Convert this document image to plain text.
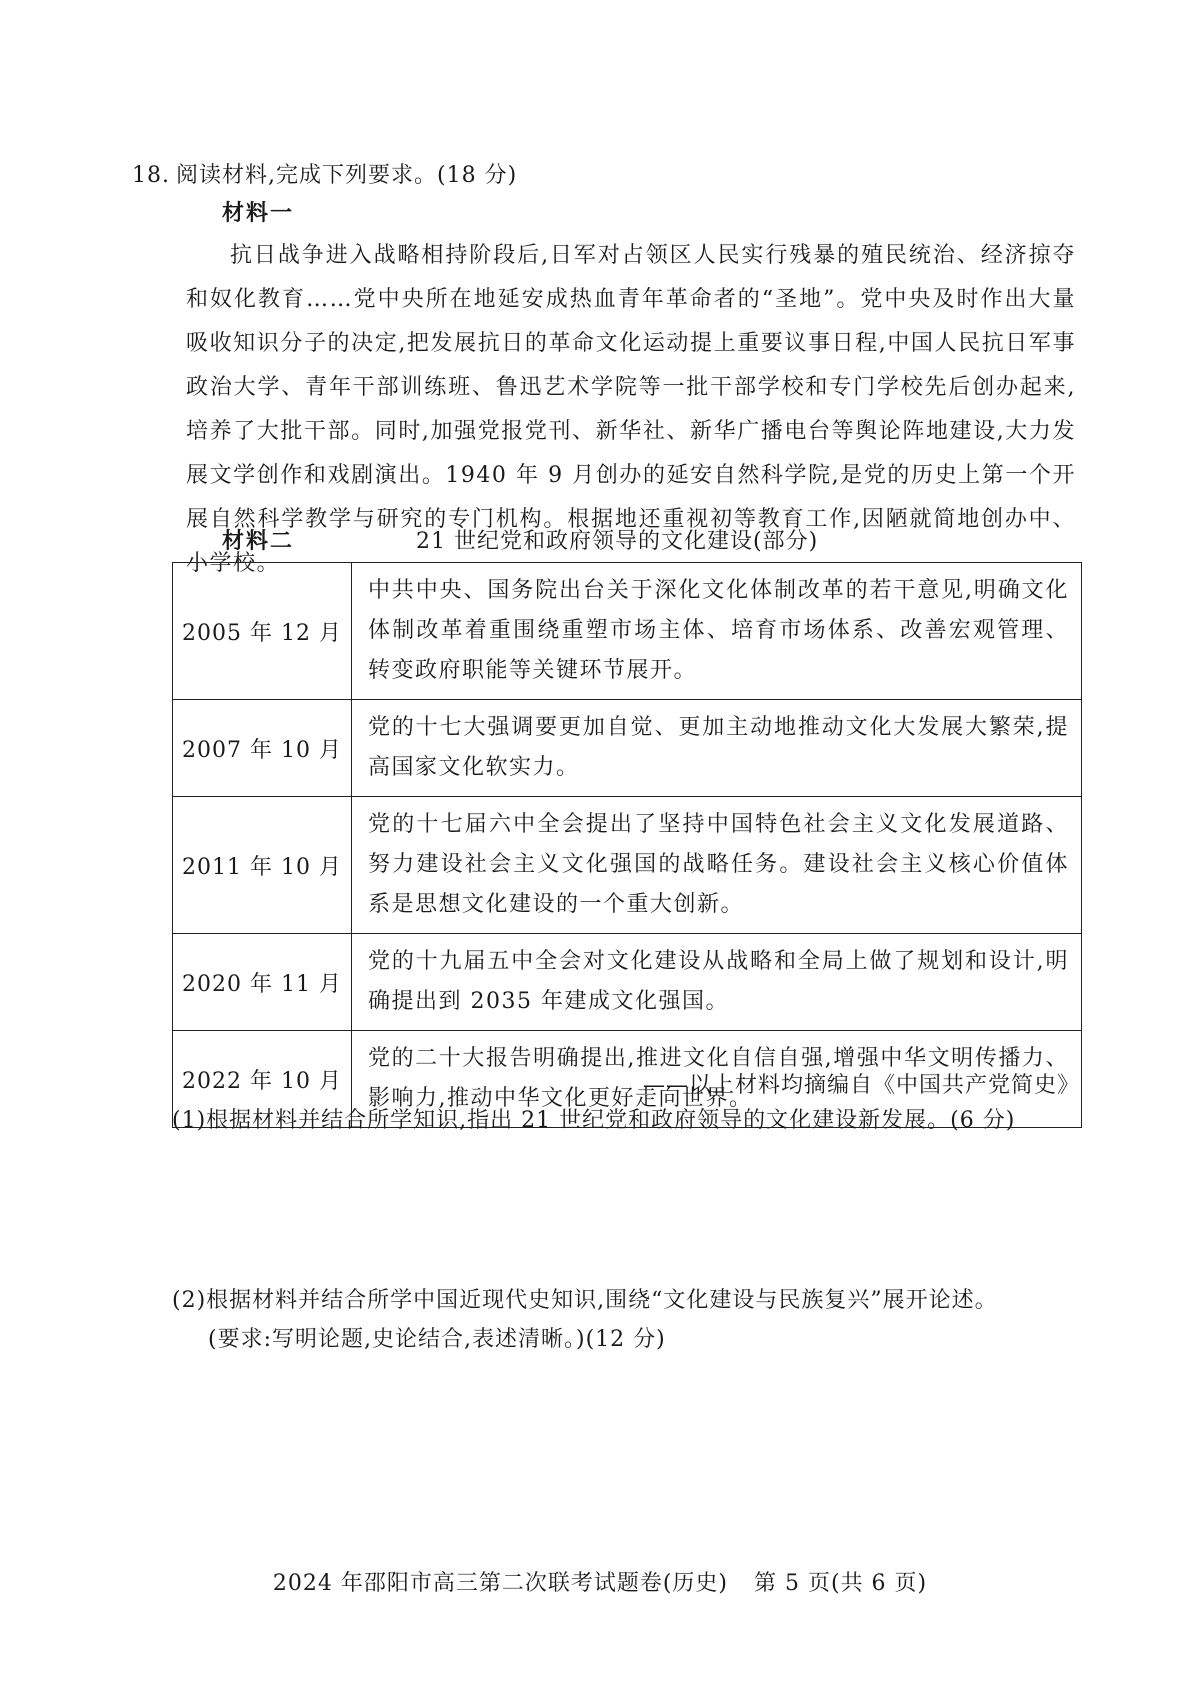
18. 阅读材料,完成下列要求。(18 分)
材料一
抗日战争进入战略相持阶段后,日军对占领区人民实行残暴的殖民统治、经济掠夺和奴化教育……党中央所在地延安成热血青年革命者的“圣地”。党中央及时作出大量吸收知识分子的决定,把发展抗日的革命文化运动提上重要议事日程,中国人民抗日军事政治大学、青年干部训练班、鲁迅艺术学院等一批干部学校和专门学校先后创办起来,培养了大批干部。同时,加强党报党刊、新华社、新华广播电台等舆论阵地建设,大力发展文学创作和戏剧演出。1940 年 9 月创办的延安自然科学院,是党的历史上第一个开展自然科学教学与研究的专门机构。根据地还重视初等教育工作,因陋就简地创办中、小学校。
材料二	21 世纪党和政府领导的文化建设(部分)
2005 年 12 月	中共中央、国务院出台关于深化文化体制改革的若干意见,明确文化体制改革着重围绕重塑市场主体、培育市场体系、改善宏观管理、转变政府职能等关键环节展开。
2007 年 10 月	党的十七大强调要更加自觉、更加主动地推动文化大发展大繁荣,提高国家文化软实力。
2011 年 10 月	党的十七届六中全会提出了坚持中国特色社会主义文化发展道路、努力建设社会主义文化强国的战略任务。建设社会主义核心价值体系是思想文化建设的一个重大创新。
2020 年 11 月	党的十九届五中全会对文化建设从战略和全局上做了规划和设计,明确提出到 2035 年建成文化强国。
2022 年 10 月	党的二十大报告明确提出,推进文化自信自强,增强中华文明传播力、影响力,推动中华文化更好走向世界。
——以上材料均摘编自《中国共产党简史》
(1)根据材料并结合所学知识,指出 21 世纪党和政府领导的文化建设新发展。(6 分)
(2)根据材料并结合所学中国近现代史知识,围绕“文化建设与民族复兴”展开论述。
(要求:写明论题,史论结合,表述清晰。)(12 分)
2024 年邵阳市高三第二次联考试题卷(历史) 第 5 页(共 6 页)
